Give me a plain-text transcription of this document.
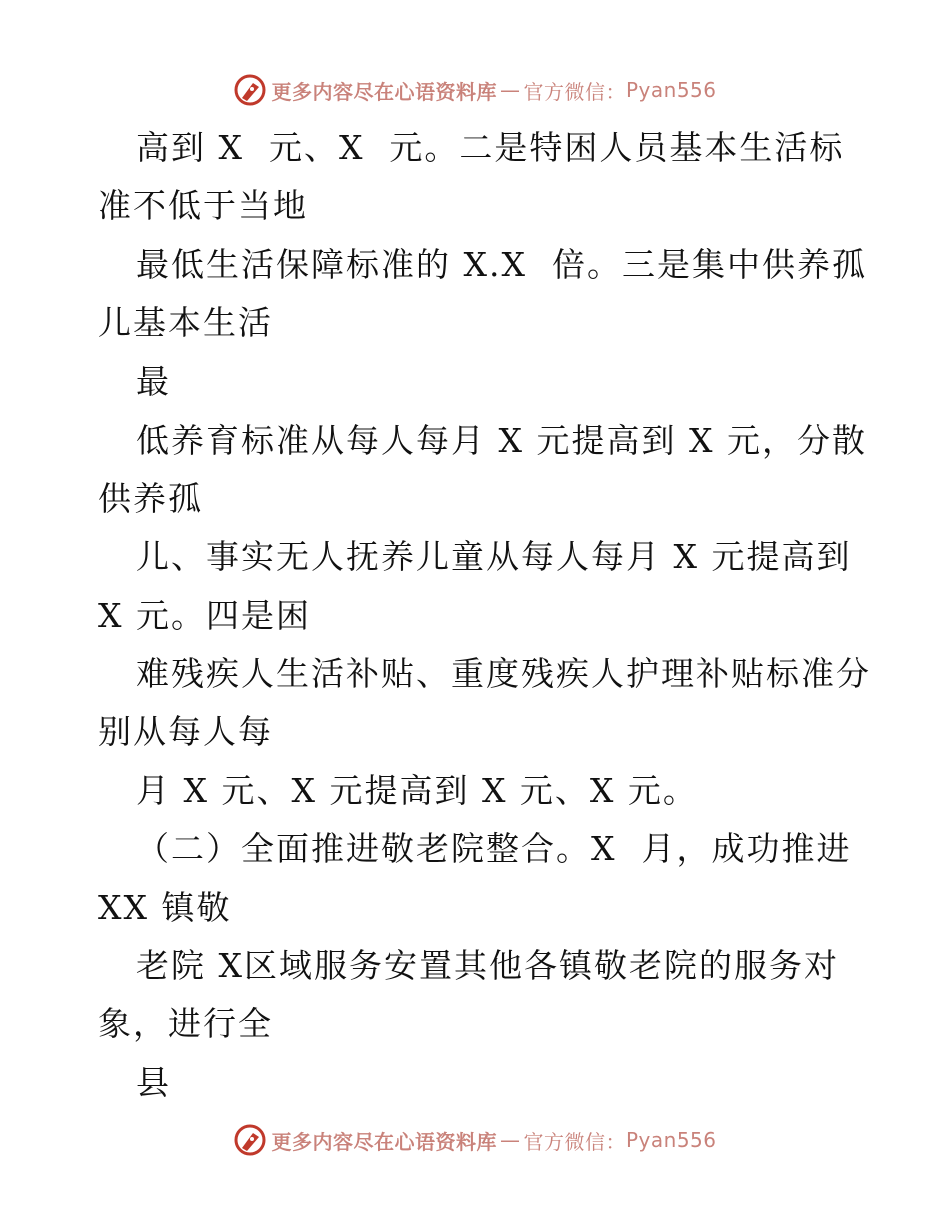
更多内容尽在心语资料库 — 官方微信： Pyan556
高到 X  元、X  元。二是特困人员基本生活标
准不低于当地
最低生活保障标准的 X.X  倍。三是集中供养孤
儿基本生活
最
低养育标准从每人每月 X 元提高到 X 元，分散
供养孤
儿、事实无人抚养儿童从每人每月 X 元提高到
X 元。四是困
难残疾人生活补贴、重度残疾人护理补贴标准分
别从每人每
月 X 元、X 元提高到 X 元、X 元。
（二）全面推进敬老院整合。X  月，成功推进
XX 镇敬
老院 X区域服务安置其他各镇敬老院的服务对
象，进行全
县
更多内容尽在心语资料库 — 官方微信： Pyan556
